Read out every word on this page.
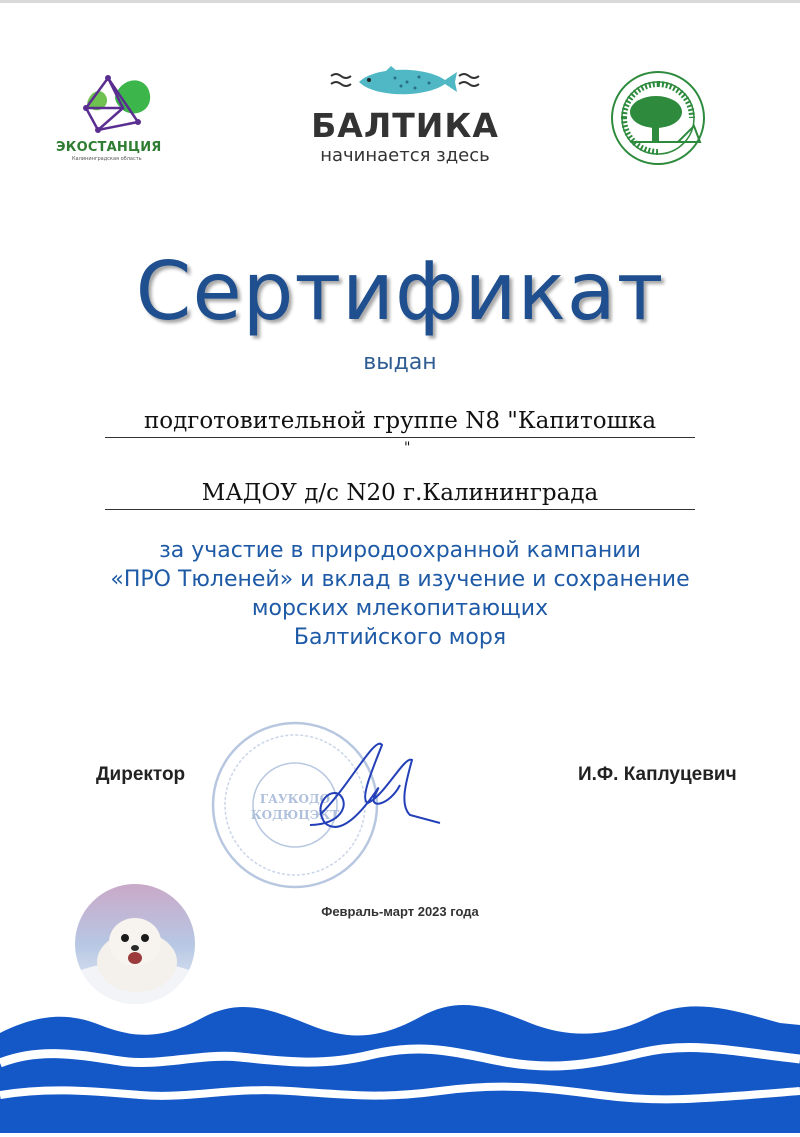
ЭКОСТАНЦИЯ
Калининградская область
БАЛТИКА
начинается здесь
Сертификат
выдан
подготовительной группе N8 "Капитошка
"
МАДОУ д/с N20 г.Калининграда
за участие в природоохранной кампании
«ПРО Тюленей» и вклад в изучение и сохранение
морских млекопитающих
Балтийского моря
ГАУКОДО
КОДЮЦЭКТ
Директор	И.Ф. Каплуцевич
Февраль-март 2023 года
